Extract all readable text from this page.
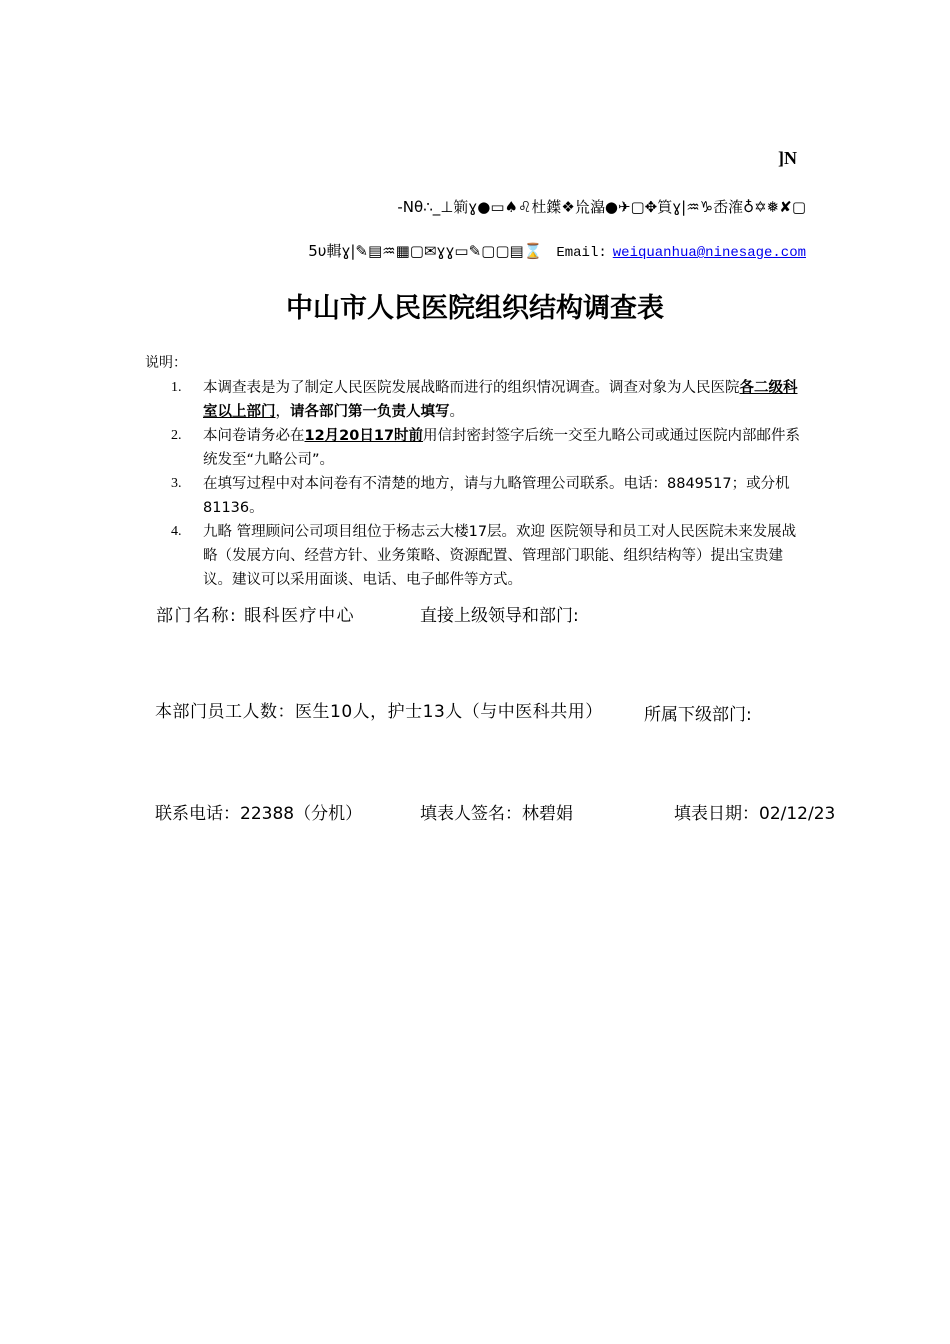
]N
-Nθ∴_⊥箣ɣ●▭♠♌杜鐷❖㠩㵿●✈▢✥筫ɣ|♒♑㟀㴶♁✡❅✘▢
5υ輯ɣ|✎▤♒▦▢✉ɣɣ▭✎▢▢▤⌛ Email: weiquanhua@ninesage.com
中山市人民医院组织结构调查表
说明：
1. 本调查表是为了制定人民医院发展战略而进行的组织情况调查。调查对象为人民医院各二级科室以上部门，请各部门第一负责人填写。
2. 本问卷请务必在12月20日17时前用信封密封签字后统一交至九略公司或通过医院内部邮件系统发至“九略公司”。
3. 在填写过程中对本问卷有不清楚的地方，请与九略管理公司联系。电话：8849517；或分机81136。
4. 九略 管理顾问公司项目组位于杨志云大楼17层。欢迎 医院领导和员工对人民医院未来发展战略（发展方向、经营方针、业务策略、资源配置、管理部门职能、组织结构等）提出宝贵建议。建议可以采用面谈、电话、电子邮件等方式。
部门名称: 眼科医疗中心	直接上级领导和部门:
本部门员工人数：医生10人，护士13人（与中医科共用）	所属下级部门:
联系电话：22388（分机）	填表人签名：林碧娟	填表日期：02/12/23
